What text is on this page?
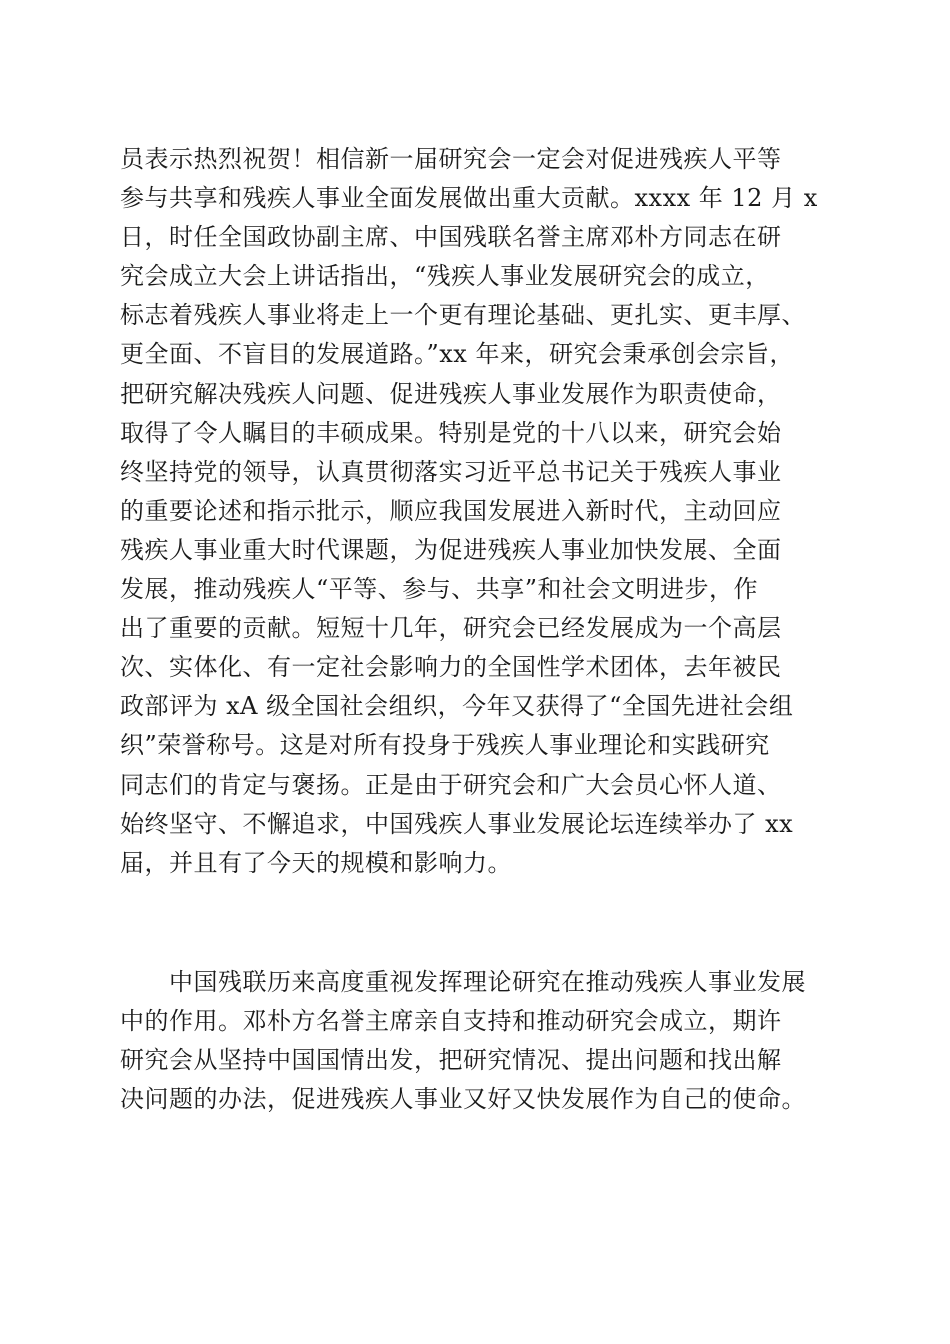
员表示热烈祝贺！相信新一届研究会一定会对促进残疾人平等
参与共享和残疾人事业全面发展做出重大贡献。xxxx 年 12 月 x
日，时任全国政协副主席、中国残联名誉主席邓朴方同志在研
究会成立大会上讲话指出，“残疾人事业发展研究会的成立，
标志着残疾人事业将走上一个更有理论基础、更扎实、更丰厚、
更全面、不盲目的发展道路。”xx 年来，研究会秉承创会宗旨，
把研究解决残疾人问题、促进残疾人事业发展作为职责使命，
取得了令人瞩目的丰硕成果。特别是党的十八以来，研究会始
终坚持党的领导，认真贯彻落实习近平总书记关于残疾人事业
的重要论述和指示批示，顺应我国发展进入新时代，主动回应
残疾人事业重大时代课题，为促进残疾人事业加快发展、全面
发展，推动残疾人“平等、参与、共享”和社会文明进步，作
出了重要的贡献。短短十几年，研究会已经发展成为一个高层
次、实体化、有一定社会影响力的全国性学术团体，去年被民
政部评为 xA 级全国社会组织，今年又获得了“全国先进社会组
织”荣誉称号。这是对所有投身于残疾人事业理论和实践研究
同志们的肯定与褒扬。正是由于研究会和广大会员心怀人道、
始终坚守、不懈追求，中国残疾人事业发展论坛连续举办了 xx
届，并且有了今天的规模和影响力。
　　中国残联历来高度重视发挥理论研究在推动残疾人事业发展
中的作用。邓朴方名誉主席亲自支持和推动研究会成立，期许
研究会从坚持中国国情出发，把研究情况、提出问题和找出解
决问题的办法，促进残疾人事业又好又快发展作为自己的使命。
